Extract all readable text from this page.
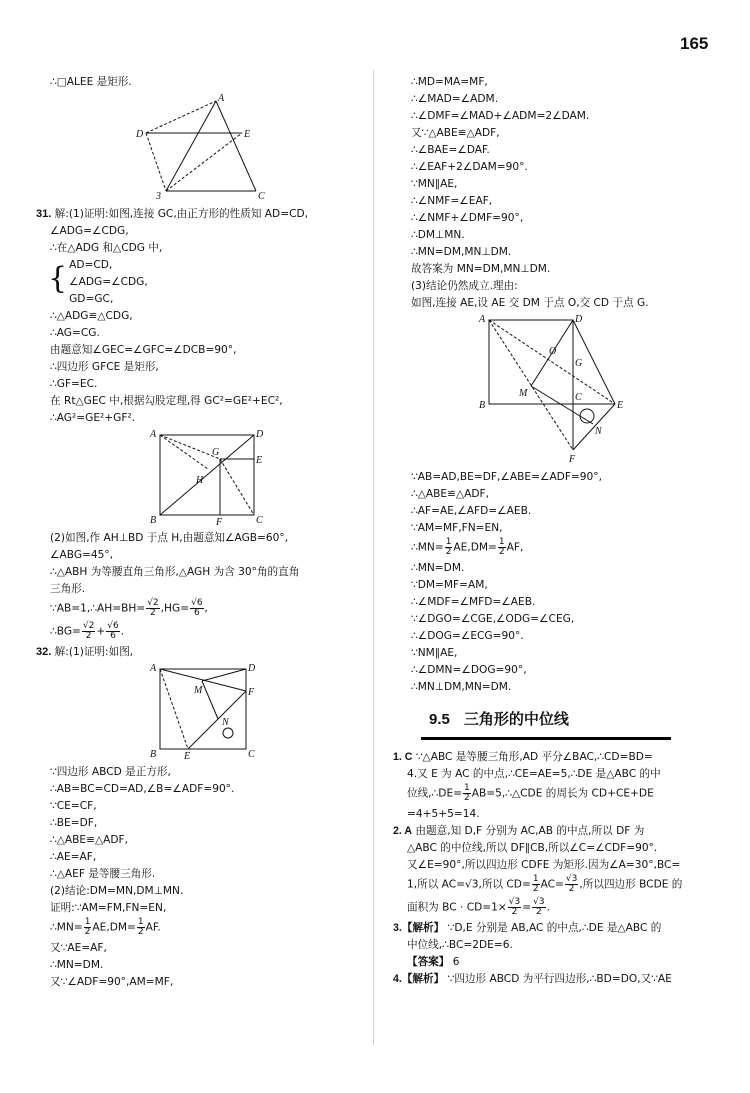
165
∴□ALEE 是矩形.
A
D	E
3	C
31. 解:(1)证明:如图,连接 GC,由正方形的性质知 AD=CD,
∠ADG=∠CDG,
∴在△ADG 和△CDG 中,
{ AD=CD,
∠ADG=∠CDG,
GD=GC,
∴△ADG≌△CDG,
∴AG=CG.
由题意知∠GEC=∠GFC=∠DCB=90°,
∴四边形 GFCE 是矩形,
∴GF=EC.
在 Rt△GEC 中,根据勾股定理,得 GC²=GE²+EC²,
∴AG²=GE²+GF².
A	D
G
E
H
B	F	C
(2)如图,作 AH⊥BD 于点 H,由题意知∠AGB=60°,
∠ABG=45°,
∴△ABH 为等腰直角三角形,△AGH 为含 30°角的直角
三角形.
∵AB=1,∴AH=BH= $\frac{√2}{2} ,HG= \frac{√6}{6}$ ,
∴BG= $\frac{√2}{2} + \frac{√6}{6}$ .
32. 解:(1)证明:如图,
A	D
M	F
N
B	E	C
∵四边形 ABCD 是正方形,
∴AB=BC=CD=AD,∠B=∠ADF=90°.
∵CE=CF,
∴BE=DF,
∴△ABE≌△ADF,
∴AE=AF,
∴△AEF 是等腰三角形.
(2)结论:DM=MN,DM⊥MN.
证明:∵AM=FM,FN=EN,
∴MN= $\frac{1}{2} AE,DM= \frac{1}{2}$ AF.
又∵AE=AF,
∴MN=DM.
又∵∠ADF=90°,AM=MF,
∴MD=MA=MF,
∴∠MAD=∠ADM.
∴∠DMF=∠MAD+∠ADM=2∠DAM.
又∵△ABE≌△ADF,
∴∠BAE=∠DAF.
∴∠EAF+2∠DAM=90°.
∵MN∥AE,
∴∠NMF=∠EAF,
∴∠NMF+∠DMF=90°,
∴DM⊥MN.
∴MN=DM,MN⊥DM.
故答案为 MN=DM,MN⊥DM.
(3)结论仍然成立.理由:
如图,连接 AE,设 AE 交 DM 于点 O,交 CD 于点 G.
A	D
O
G
M
B
C
E
N
F
∵AB=AD,BE=DF,∠ABE=∠ADF=90°,
∴△ABE≌△ADF,
∴AF=AE,∠AFD=∠AEB.
∵AM=MF,FN=EN,
∴MN= $\frac{1}{2} AE,DM= \frac{1}{2}$ AF,
∴MN=DM.
∵DM=MF=AM,
∴∠MDF=∠MFD=∠AEB.
∵∠DGO=∠CGE,∠ODG=∠CEG,
∴∠DOG=∠ECG=90°.
∵NM∥AE,
∴∠DMN=∠DOG=90°,
∴MN⊥DM,MN=DM.
9.5 三角形的中位线
1. C ∵△ABC 是等腰三角形,AD 平分∠BAC,∴CD=BD=
4.又 E 为 AC 的中点,∴CE=AE=5,∴DE 是△ABC 的中
位线,∴DE= $\frac{1}{2}$ AB=5,∴△CDE 的周长为 CD+CE+DE
=4+5+5=14.
2. A 由题意,知 D,F 分别为 AC,AB 的中点,所以 DF 为
△ABC 的中位线,所以 DF∥CB,所以∠C=∠CDF=90°.
又∠E=90°,所以四边形 CDFE 为矩形.因为∠A=30°,BC=
1,所以 AC=√3,所以 $CD= \frac{1}{2} AC= \frac{√3}{2}$ ,所以四边形 BCDE 的
面积为 BC · $CD=1\times \frac{√3}{2} = \frac{√3}{2}$ .
3.【解析】 ∵D,E 分别是 AB,AC 的中点,∴DE 是△ABC 的
中位线,∴BC=2DE=6.
【答案】 6
4.【解析】 ∵四边形 ABCD 为平行四边形,∴BD=DO,又∵AE
